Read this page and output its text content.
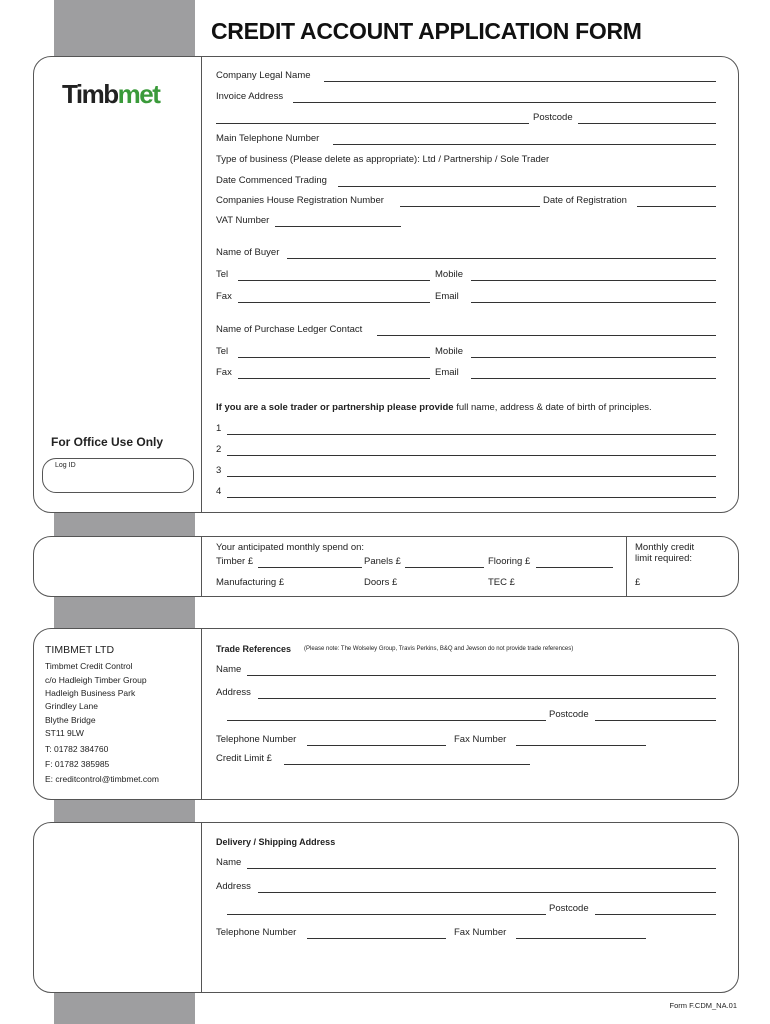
CREDIT ACCOUNT APPLICATION FORM
Timbmet
Company Legal Name
Invoice Address
Postcode
Main Telephone Number
Type of business (Please delete as appropriate): Ltd / Partnership / Sole Trader
Date Commenced Trading
Companies House Registration Number	Date of Registration
VAT Number
Name of Buyer
Tel	Mobile
Fax	Email
Name of Purchase Ledger Contact
Tel	Mobile
Fax	Email
If you are a sole trader or partnership please provide full name, address & date of birth of principles.
1
2
3
4
For Office Use Only
Log ID
Your anticipated monthly spend on:
Timber £	Panels £	Flooring £
Manufacturing £	Doors £	TEC £
Monthly credit
limit required:
£
TIMBMET LTD
Timbmet Credit Control
c/o Hadleigh Timber Group
Hadleigh Business Park
Grindley Lane
Blythe Bridge
ST11 9LW
T: 01782 384760
F: 01782 385985
E: creditcontrol@timbmet.com
Trade References (Please note: The Wolseley Group, Travis Perkins, B&Q and Jewson do not provide trade references)
Name
Address
Postcode
Telephone Number	Fax Number
Credit Limit £
Delivery / Shipping Address
Name
Address
Postcode
Telephone Number	Fax Number
Form F.CDM_NA.01
